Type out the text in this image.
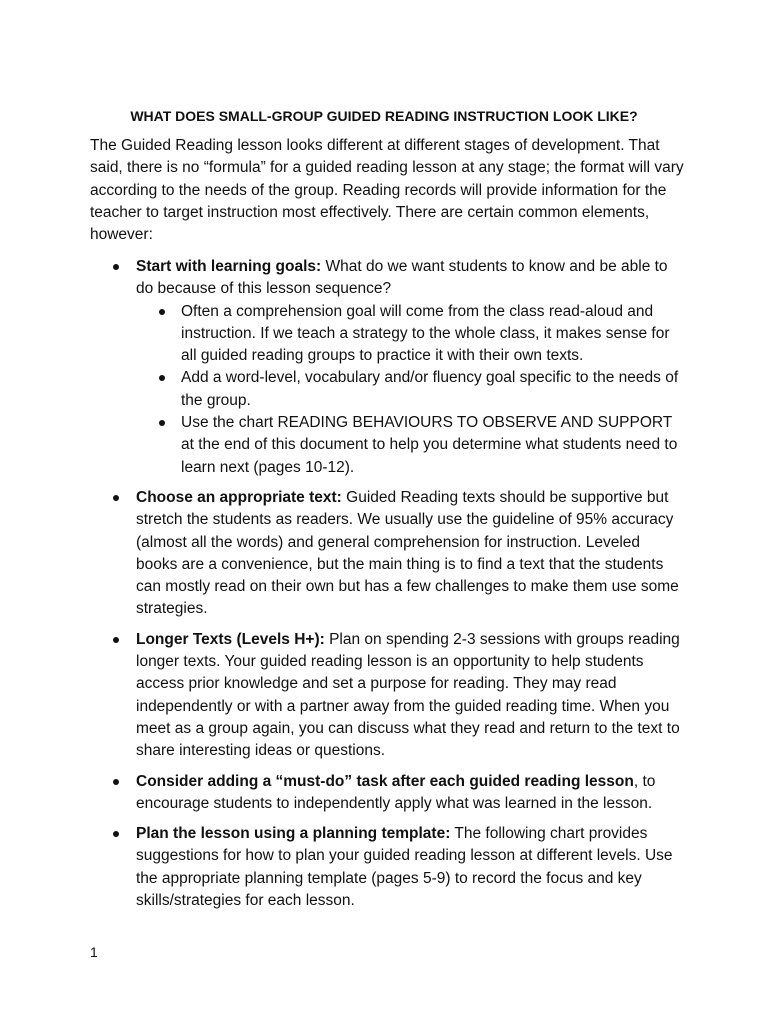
WHAT DOES SMALL-GROUP GUIDED READING INSTRUCTION LOOK LIKE?
The Guided Reading lesson looks different at different stages of development. That said, there is no “formula” for a guided reading lesson at any stage; the format will vary according to the needs of the group. Reading records will provide information for the teacher to target instruction most effectively. There are certain common elements, however:
Start with learning goals: What do we want students to know and be able to do because of this lesson sequence?
Often a comprehension goal will come from the class read-aloud and instruction. If we teach a strategy to the whole class, it makes sense for all guided reading groups to practice it with their own texts.
Add a word-level, vocabulary and/or fluency goal specific to the needs of the group.
Use the chart READING BEHAVIOURS TO OBSERVE AND SUPPORT at the end of this document to help you determine what students need to learn next (pages 10-12).
Choose an appropriate text: Guided Reading texts should be supportive but stretch the students as readers. We usually use the guideline of 95% accuracy (almost all the words) and general comprehension for instruction. Leveled books are a convenience, but the main thing is to find a text that the students can mostly read on their own but has a few challenges to make them use some strategies.
Longer Texts (Levels H+): Plan on spending 2-3 sessions with groups reading longer texts. Your guided reading lesson is an opportunity to help students access prior knowledge and set a purpose for reading. They may read independently or with a partner away from the guided reading time. When you meet as a group again, you can discuss what they read and return to the text to share interesting ideas or questions.
Consider adding a “must-do” task after each guided reading lesson, to encourage students to independently apply what was learned in the lesson.
Plan the lesson using a planning template: The following chart provides suggestions for how to plan your guided reading lesson at different levels. Use the appropriate planning template (pages 5-9) to record the focus and key skills/strategies for each lesson.
1
